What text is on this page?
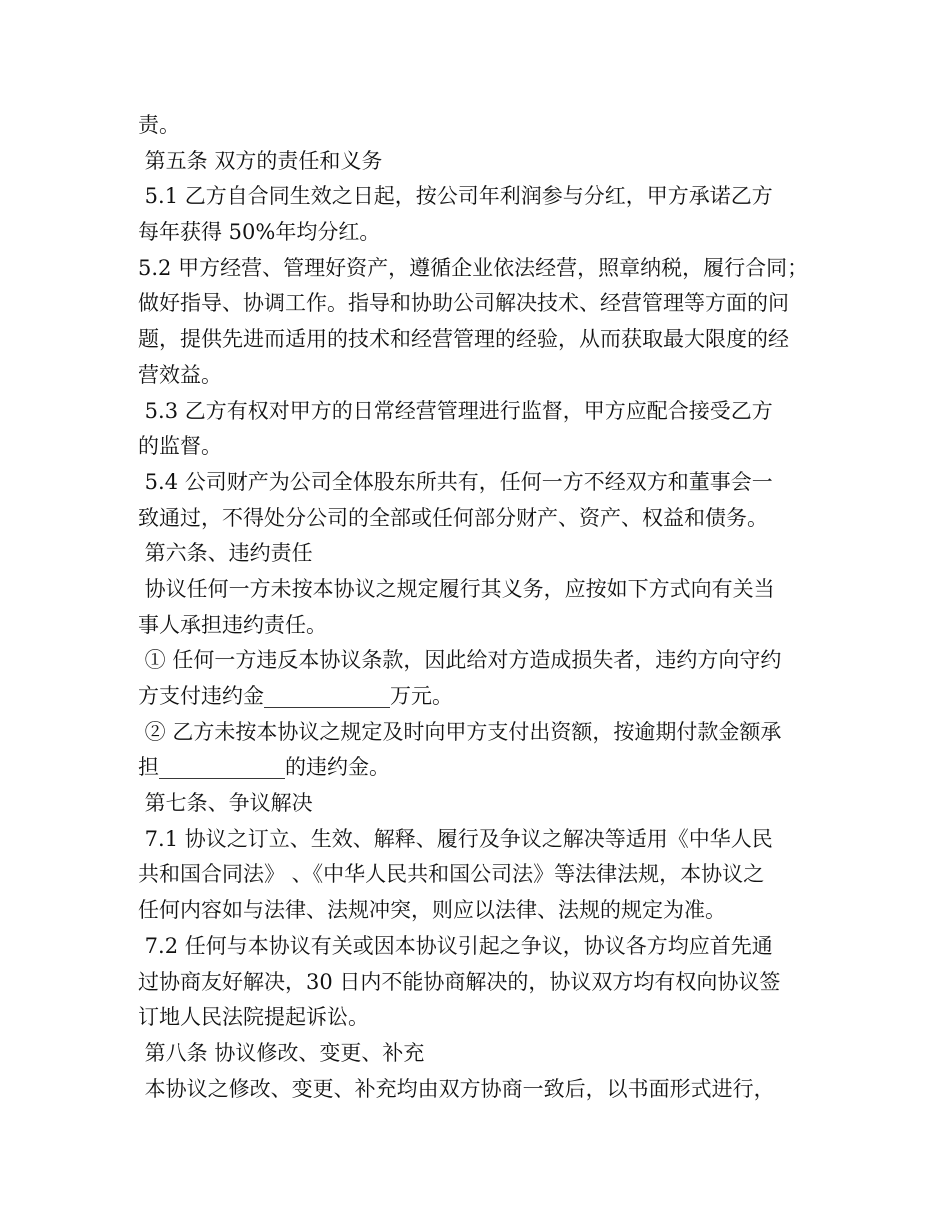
责。
第五条 双方的责任和义务
5.1 乙方自合同生效之日起，按公司年利润参与分红，甲方承诺乙方
每年获得 50%年均分红。
5.2 甲方经营、管理好资产，遵循企业依法经营，照章纳税，履行合同；
做好指导、协调工作。指导和协助公司解决技术、经营管理等方面的问
题，提供先进而适用的技术和经营管理的经验，从而获取最大限度的经
营效益。
5.3 乙方有权对甲方的日常经营管理进行监督，甲方应配合接受乙方
的监督。
5.4 公司财产为公司全体股东所共有，任何一方不经双方和董事会一
致通过，不得处分公司的全部或任何部分财产、资产、权益和债务。
第六条、违约责任
协议任何一方未按本协议之规定履行其义务，应按如下方式向有关当
事人承担违约责任。
① 任何一方违反本协议条款，因此给对方造成损失者，违约方向守约
方支付违约金____________万元。
② 乙方未按本协议之规定及时向甲方支付出资额，按逾期付款金额承
担____________的违约金。
第七条、争议解决
7.1 协议之订立、生效、解释、履行及争议之解决等适用《中华人民
共和国合同法》 、《中华人民共和国公司法》等法律法规，本协议之
任何内容如与法律、法规冲突，则应以法律、法规的规定为准。
7.2 任何与本协议有关或因本协议引起之争议，协议各方均应首先通
过协商友好解决，30 日内不能协商解决的，协议双方均有权向协议签
订地人民法院提起诉讼。
第八条 协议修改、变更、补充
本协议之修改、变更、补充均由双方协商一致后，以书面形式进行，
